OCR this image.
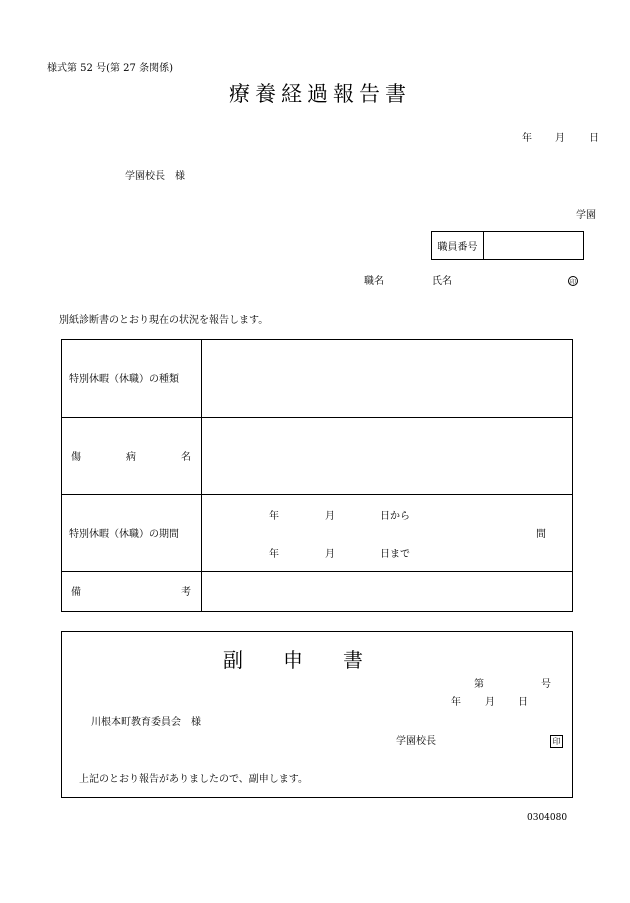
様式第 52 号(第 27 条関係)
療養経過報告書
年 月 日
学園校長　様
学園
職員番号
職名	氏名	印
別紙診断書のとおり現在の状況を報告します。
特別休暇（休職）の種類
傷	病	名
特別休暇（休職）の期間
年	月	日から
年	月	日まで
間
備	考
副　　申　　書
第	号
年 月 日
川根本町教育委員会　様
学園校長	印
上記のとおり報告がありましたので、副申します。
0304080
